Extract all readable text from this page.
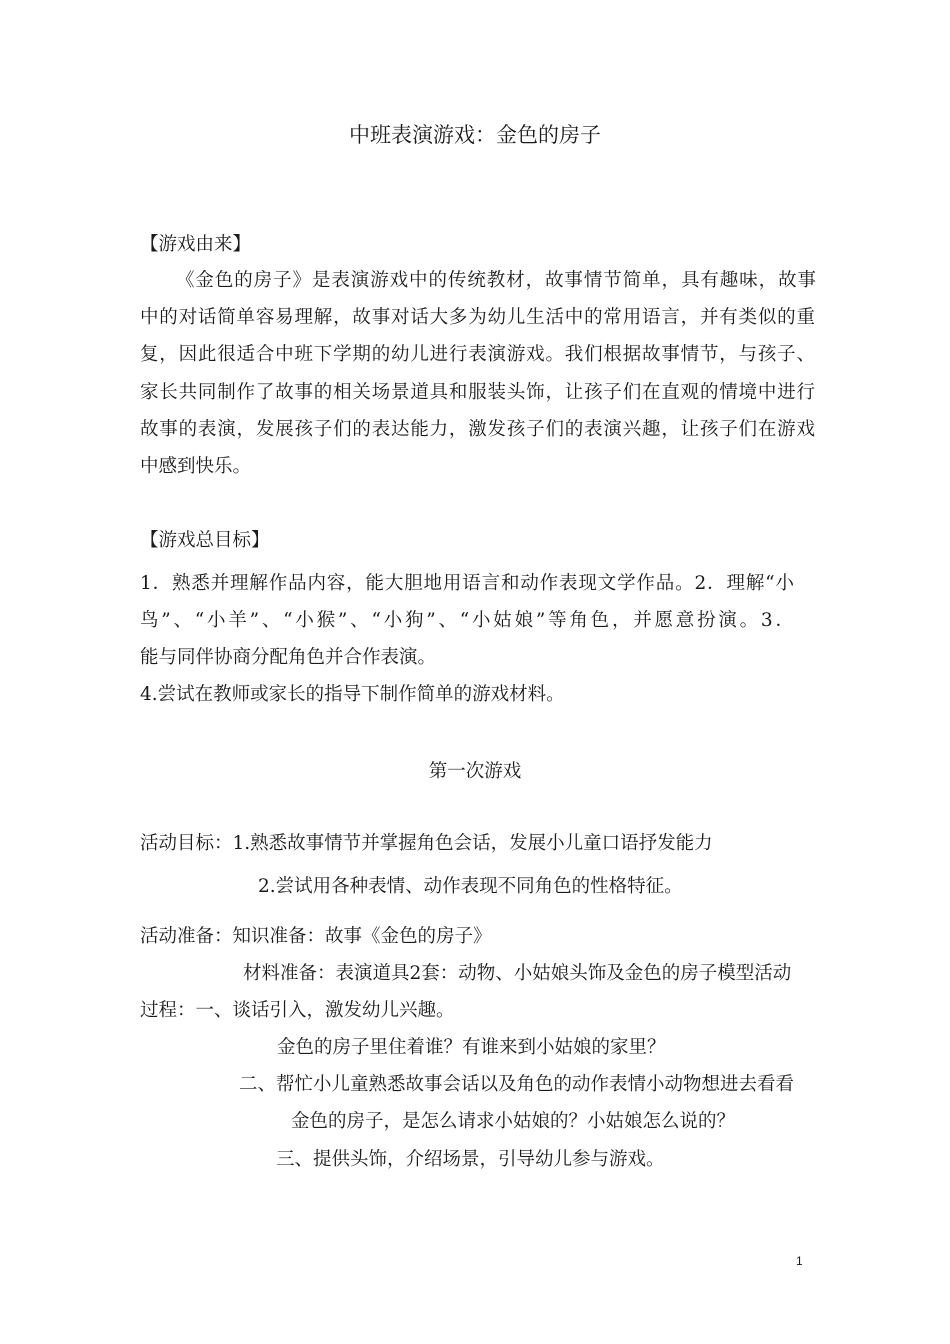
中班表演游戏：金色的房子
【游戏由来】
《金色的房子》是表演游戏中的传统教材，故事情节简单，具有趣味，故事
中的对话简单容易理解，故事对话大多为幼儿生活中的常用语言，并有类似的重
复，因此很适合中班下学期的幼儿进行表演游戏。我们根据故事情节，与孩子、
家长共同制作了故事的相关场景道具和服装头饰，让孩子们在直观的情境中进行
故事的表演，发展孩子们的表达能力，激发孩子们的表演兴趣，让孩子们在游戏
中感到快乐。
【游戏总目标】
1．熟悉并理解作品内容，能大胆地用语言和动作表现文学作品。2．理解“小
鸟”、“小羊”、“小猴”、“小狗”、“小姑娘”等角色，并愿意扮演。3．
能与同伴协商分配角色并合作表演。
4.尝试在教师或家长的指导下制作简单的游戏材料。
第一次游戏
活动目标：1.熟悉故事情节并掌握角色会话，发展小儿童口语抒发能力
2.尝试用各种表情、动作表现不同角色的性格特征。
活动准备：知识准备：故事《金色的房子》
材料准备：表演道具2套：动物、小姑娘头饰及金色的房子模型活动
过程：一、谈话引入，激发幼儿兴趣。
金色的房子里住着谁？有谁来到小姑娘的家里？
二、帮忙小儿童熟悉故事会话以及角色的动作表情小动物想进去看看
金色的房子，是怎么请求小姑娘的？小姑娘怎么说的？
三、提供头饰，介绍场景，引导幼儿参与游戏。
1
